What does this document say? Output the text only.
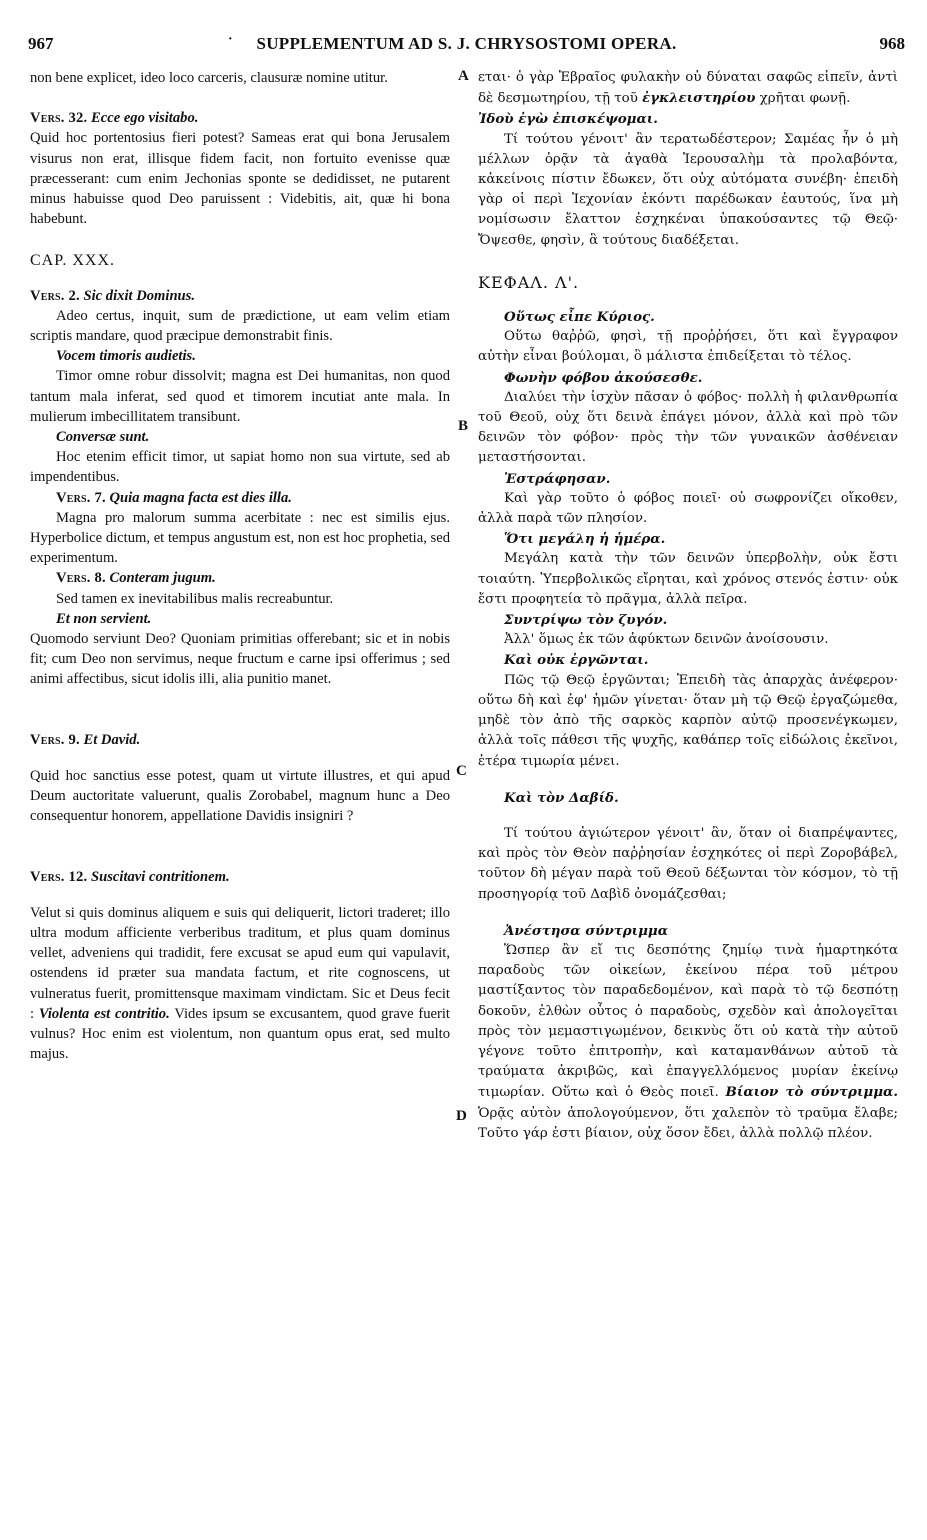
967	·	SUPPLEMENTUM AD S. J. CHRYSOSTOMI OPERA.	968
A
B
C
D

non bene explicet, ideo loco carceris, clausuræ nomine utitur.

Vers. 32. Ecce ego visitabo.

Quid hoc portentosius fieri potest? Sameas erat qui bona Jerusalem visurus non erat, illisque fidem facit, non fortuito evenisse quæ præcesserant: cum enim Jechonias sponte se dedidisset, ne putarent minus habuisse quod Deo paruissent : Videbitis, ait, quæ hi bona habebunt.

CAP. XXX.

Vers. 2. Sic dixit Dominus.

Adeo certus, inquit, sum de prædictione, ut eam velim etiam scriptis mandare, quod præcipue demonstrabit finis.

Vocem timoris audietis.

Timor omne robur dissolvit; magna est Dei humanitas, non quod tantum mala inferat, sed quod et timorem incutiat ante mala. In mulierum imbecillitatem transibunt.

Conversæ sunt.

Hoc etenim efficit timor, ut sapiat homo non sua virtute, sed ab impendentibus.

Vers. 7. Quia magna facta est dies illa.

Magna pro malorum summa acerbitate : nec est similis ejus. Hyperbolice dictum, et tempus angustum est, non est hoc prophetia, sed experimentum.

Vers. 8. Conteram jugum.

Sed tamen ex inevitabilibus malis recreabuntur.

Et non servient.

Quomodo serviunt Deo? Quoniam primitias offerebant; sic et in nobis fit; cum Deo non servimus, neque fructum e carne ipsi offerimus ; sed animi affectibus, sicut idolis illi, alia punitio manet.

Vers. 9. Et David.

Quid hoc sanctius esse potest, quam ut virtute illustres, et qui apud Deum auctoritate valuerunt, qualis Zorobabel, magnum hunc a Deo consequentur honorem, appellatione Davidis insigniri ?

Vers. 12. Suscitavi contritionem.

Velut si quis dominus aliquem e suis qui deliquerit, lictori traderet; illo ultra modum afficiente verberibus traditum, et plus quam dominus vellet, adveniens qui tradidit, fere excusat se apud eum qui vapulavit, ostendens id præter sua mandata factum, et rite cognoscens, ut vulneratus fuerit, promittensque maximam vindictam. Sic et Deus fecit : Violenta est contritio. Vides ipsum se excusantem, quod grave fuerit vulnus? Hoc enim est violentum, non quantum opus erat, sed multo majus.

εται· ὁ γὰρ Ἑβραῖος φυλακὴν οὐ δύναται σαφῶς εἰπεῖν, ἀντὶ δὲ δεσμωτηρίου, τῇ τοῦ ἐγκλειστηρίου χρῆται φωνῇ.

Ἰδοὺ ἐγὼ ἐπισκέψομαι.

Τί τούτου γένοιτ' ἂν τερατωδέστερον; Σαμέας ἦν ὁ μὴ μέλλων ὁρᾷν τὰ ἀγαθὰ Ἱερουσαλὴμ τὰ προλαβόντα, κἀκείνοις πίστιν ἔδωκεν, ὅτι οὐχ αὐτόματα συνέβη· ἐπειδὴ γὰρ οἱ περὶ Ἰεχονίαν ἑκόντι παρέδωκαν ἑαυτούς, ἵνα μὴ νομίσωσιν ἔλαττον ἐσχηκέναι ὑπακούσαντες τῷ Θεῷ· Ὄψεσθε, φησὶν, ἃ τούτους διαδέξεται.

ΚΕΦΑΛ. Λ'.

Οὕτως εἶπε Κύριος.

Οὕτω θαῤῥῶ, φησὶ, τῇ προῤῥήσει, ὅτι καὶ ἔγγραφον αὐτὴν εἶναι βούλομαι, ὃ μάλιστα ἐπιδείξεται τὸ τέλος.

Φωνὴν φόβου ἀκούσεσθε.

Διαλύει τὴν ἰσχὺν πᾶσαν ὁ φόβος· πολλὴ ἡ φιλανθρωπία τοῦ Θεοῦ, οὐχ ὅτι δεινὰ ἐπάγει μόνον, ἀλλὰ καὶ πρὸ τῶν δεινῶν τὸν φόβον· πρὸς τὴν τῶν γυναικῶν ἀσθένειαν μεταστήσονται.

Ἐστράφησαν.

Καὶ γὰρ τοῦτο ὁ φόβος ποιεῖ· οὐ σωφρονίζει οἴκοθεν, ἀλλὰ παρὰ τῶν πλησίον.

Ὅτι μεγάλη ἡ ἡμέρα.

Μεγάλη κατὰ τὴν τῶν δεινῶν ὑπερβολὴν, οὐκ ἔστι τοιαύτη. Ὑπερβολικῶς εἴρηται, καὶ χρόνος στενός ἐστιν· οὐκ ἔστι προφητεία τὸ πρᾶγμα, ἀλλὰ πεῖρα.

Συντρίψω τὸν ζυγόν.

Ἀλλ' ὅμως ἐκ τῶν ἀφύκτων δεινῶν ἀνοίσουσιν.

Καὶ οὐκ ἐργῶνται.

Πῶς τῷ Θεῷ ἐργῶνται; Ἐπειδὴ τὰς ἀπαρχὰς ἀνέφερον· οὕτω δὴ καὶ ἐφ' ἡμῶν γίνεται· ὅταν μὴ τῷ Θεῷ ἐργαζώμεθα, μηδὲ τὸν ἀπὸ τῆς σαρκὸς καρπὸν αὐτῷ προσενέγκωμεν, ἀλλὰ τοῖς πάθεσι τῆς ψυχῆς, καθάπερ τοῖς εἰδώλοις ἐκεῖνοι, ἑτέρα τιμωρία μένει.

Καὶ τὸν Δαβίδ.

Τί τούτου ἁγιώτερον γένοιτ' ἂν, ὅταν οἱ διαπρέψαντες, καὶ πρὸς τὸν Θεὸν παῤῥησίαν ἐσχηκότες οἱ περὶ Ζοροβάβελ, τοῦτον δὴ μέγαν παρὰ τοῦ Θεοῦ δέξωνται τὸν κόσμον, τὸ τῇ προσηγορίᾳ τοῦ Δαβὶδ ὀνομάζεσθαι;

Ἀνέστησα σύντριμμα

Ὥσπερ ἂν εἴ τις δεσπότης ζημίῳ τινὰ ἡμαρτηκότα παραδοὺς τῶν οἰκείων, ἐκείνου πέρα τοῦ μέτρου μαστίξαντος τὸν παραδεδομένον, καὶ παρὰ τὸ τῷ δεσπότῃ δοκοῦν, ἐλθὼν οὗτος ὁ παραδοὺς, σχεδὸν καὶ ἀπολογεῖται πρὸς τὸν μεμαστιγωμένον, δεικνὺς ὅτι οὐ κατὰ τὴν αὐτοῦ γέγονε τοῦτο ἐπιτροπὴν, καὶ καταμανθάνων αὐτοῦ τὰ τραύματα ἀκριβῶς, καὶ ἐπαγγελλόμενος μυρίαν ἐκείνῳ τιμωρίαν. Οὕτω καὶ ὁ Θεὸς ποιεῖ. Βίαιον τὸ σύντριμμα. Ὁρᾷς αὐτὸν ἀπολογούμενον, ὅτι χαλεπὸν τὸ τραῦμα ἔλαβε; Τοῦτο γάρ ἐστι βίαιον, οὐχ ὅσον ἔδει, ἀλλὰ πολλῷ πλέον.
